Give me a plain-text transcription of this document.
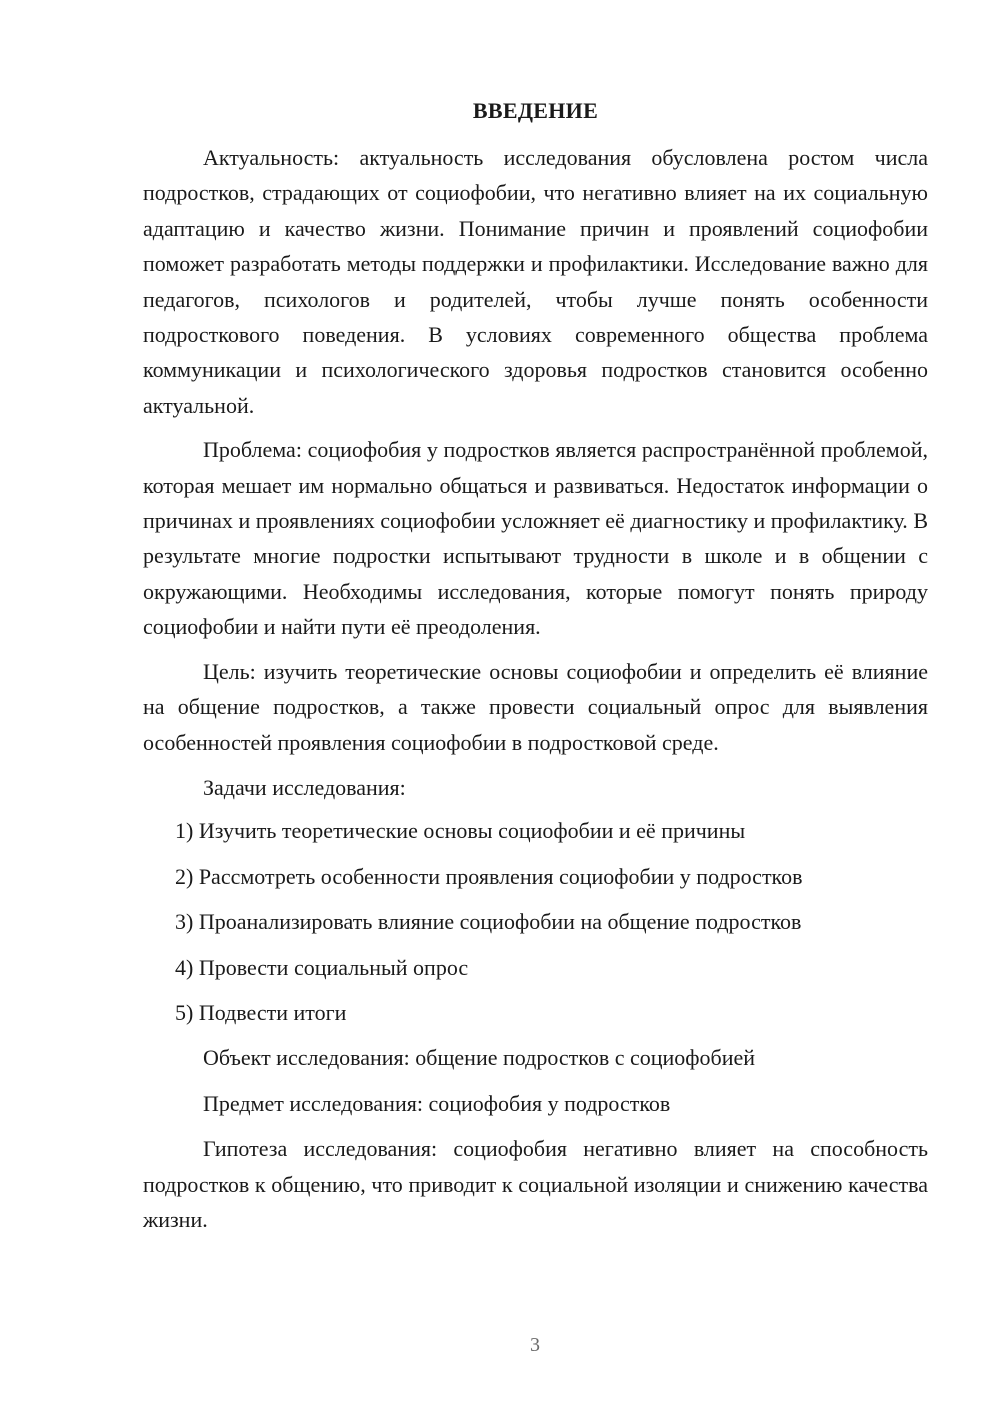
ВВЕДЕНИЕ

Актуальность: актуальность исследования обусловлена ростом числа подростков, страдающих от социофобии, что негативно влияет на их социальную адаптацию и качество жизни. Понимание причин и проявлений социофобии поможет разработать методы поддержки и профилактики. Исследование важно для педагогов, психологов и родителей, чтобы лучше понять особенности подросткового поведения. В условиях современного общества проблема коммуникации и психологического здоровья подростков становится особенно актуальной.

Проблема: социофобия у подростков является распространённой проблемой, которая мешает им нормально общаться и развиваться. Недостаток информации о причинах и проявлениях социофобии усложняет её диагностику и профилактику. В результате многие подростки испытывают трудности в школе и в общении с окружающими. Необходимы исследования, которые помогут понять природу социофобии и найти пути её преодоления.

Цель: изучить теоретические основы социофобии и определить её влияние на общение подростков, а также провести социальный опрос для выявления особенностей проявления социофобии в подростковой среде.

Задачи исследования:

1) Изучить теоретические основы социофобии и её причины
2) Рассмотреть особенности проявления социофобии у подростков
3) Проанализировать влияние социофобии на общение подростков
4) Провести социальный опрос
5) Подвести итоги

Объект исследования: общение подростков с социофобией

Предмет исследования: социофобия у подростков

Гипотеза исследования: социофобия негативно влияет на способность подростков к общению, что приводит к социальной изоляции и снижению качества жизни.

3
